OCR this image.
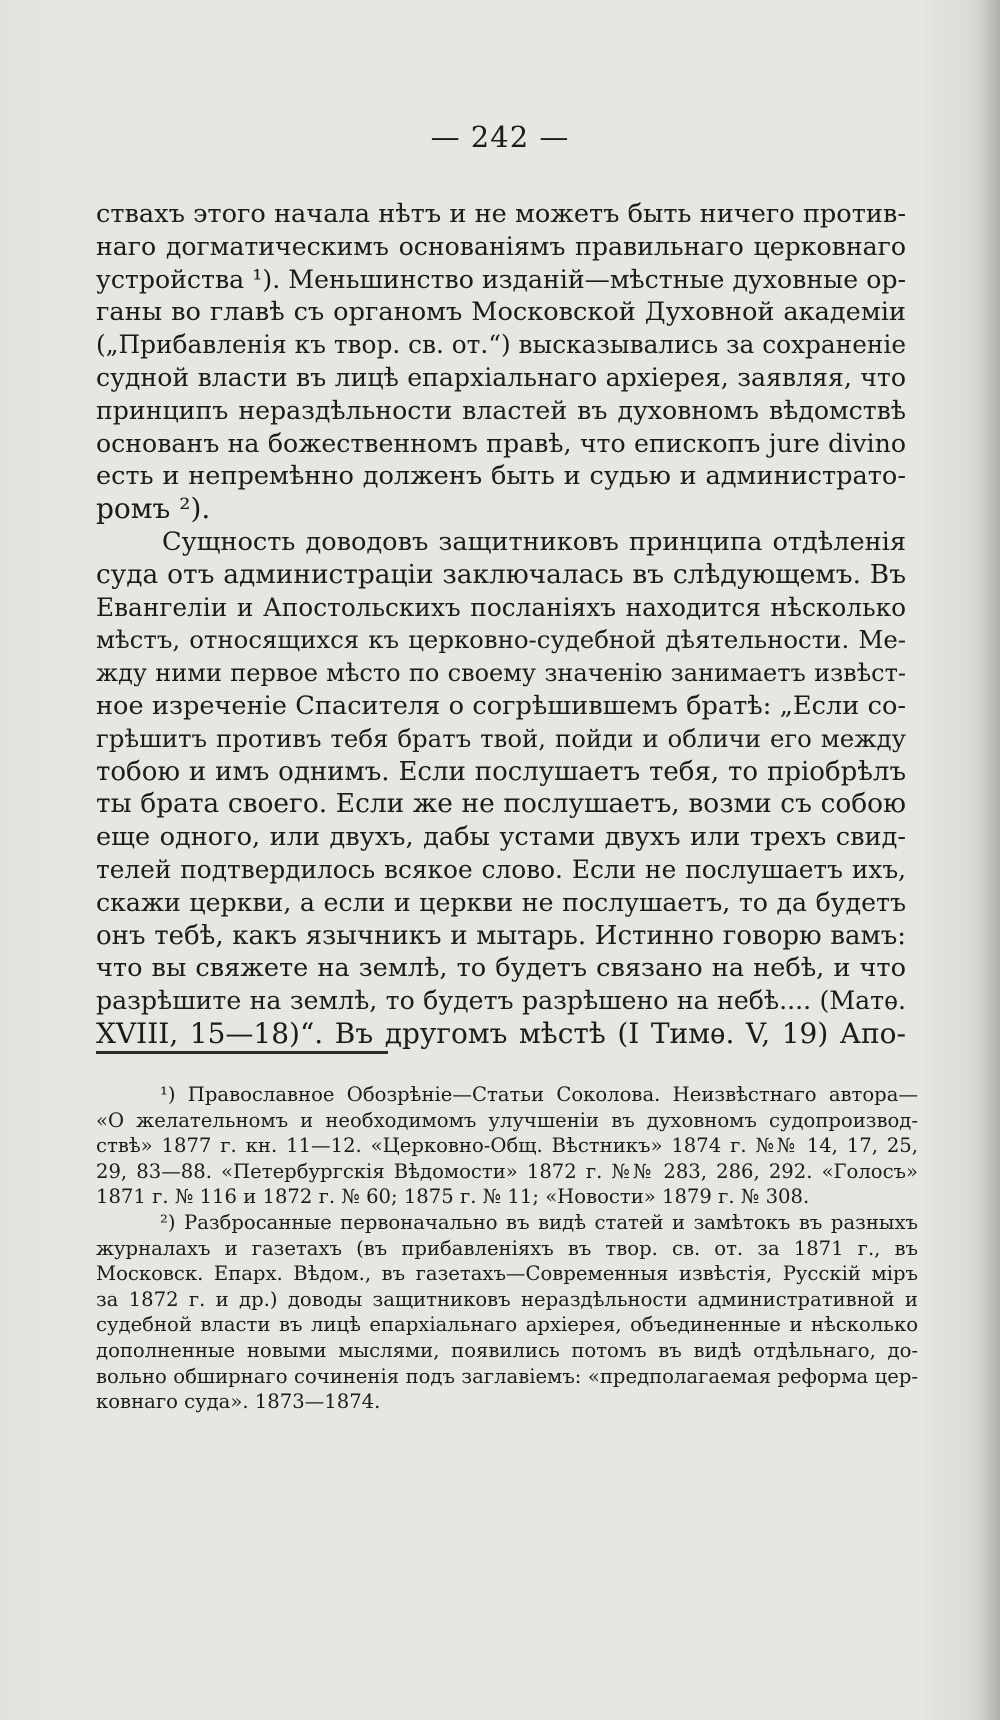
— 242 —
ствахъ этого начала нѣтъ и не можетъ быть ничего против-
наго догматическимъ основаніямъ правильнаго церковнаго
устройства ¹). Меньшинство изданій—мѣстные духовные ор-
ганы во главѣ съ органомъ Московской Духовной академіи
(„Прибавленія къ твор. св. от.“) высказывались за сохраненіе
судной власти въ лицѣ епархіальнаго архіерея, заявляя, что
принципъ нераздѣльности властей въ духовномъ вѣдомствѣ
основанъ на божественномъ правѣ, что епископъ jure divino
есть и непремѣнно долженъ быть и судью и администрато-
ромъ ²).
Сущность доводовъ защитниковъ принципа отдѣленія
суда отъ администраціи заключалась въ слѣдующемъ. Въ
Евангеліи и Апостольскихъ посланіяхъ находится нѣсколько
мѣстъ, относящихся къ церковно-судебной дѣятельности. Ме-
жду ними первое мѣсто по своему значенію занимаетъ извѣст-
ное изреченіе Спасителя о согрѣшившемъ братѣ: „Если со-
грѣшитъ противъ тебя братъ твой, пойди и обличи его между
тобою и имъ однимъ. Если послушаетъ тебя, то пріобрѣлъ
ты брата своего. Если же не послушаетъ, возми съ собою
еще одного, или двухъ, дабы устами двухъ или трехъ свид-
телей подтвердилось всякое слово. Если не послушаетъ ихъ,
скажи церкви, а если и церкви не послушаетъ, то да будетъ
онъ тебѣ, какъ язычникъ и мытарь. Истинно говорю вамъ:
что вы свяжете на землѣ, то будетъ связано на небѣ, и что
разрѣшите на землѣ, то будетъ разрѣшено на небѣ.... (Матѳ.
XVIII, 15—18)“. Въ другомъ мѣстѣ (I Тимѳ. V, 19) Апо-
¹) Православное Обозрѣніе—Статьи Соколова. Неизвѣстнаго автора—
«О желательномъ и необходимомъ улучшеніи въ духовномъ судопроизвод-
ствѣ» 1877 г. кн. 11—12. «Церковно-Общ. Вѣстникъ» 1874 г. №№ 14, 17, 25,
29, 83—88. «Петербургскія Вѣдомости» 1872 г. №№ 283, 286, 292. «Голосъ»
1871 г. № 116 и 1872 г. № 60; 1875 г. № 11; «Новости» 1879 г. № 308.
²) Разбросанные первоначально въ видѣ статей и замѣтокъ въ разныхъ
журналахъ и газетахъ (въ прибавленіяхъ въ твор. св. от. за 1871 г., въ
Московск. Епарх. Вѣдом., въ газетахъ—Современныя извѣстія, Русскій міръ
за 1872 г. и др.) доводы защитниковъ нераздѣльности административной и
судебной власти въ лицѣ епархіальнаго архіерея, объединенные и нѣсколько
дополненные новыми мыслями, появились потомъ въ видѣ отдѣльнаго, до-
вольно обширнаго сочиненія подъ заглавіемъ: «предполагаемая реформа цер-
ковнаго суда». 1873—1874.
